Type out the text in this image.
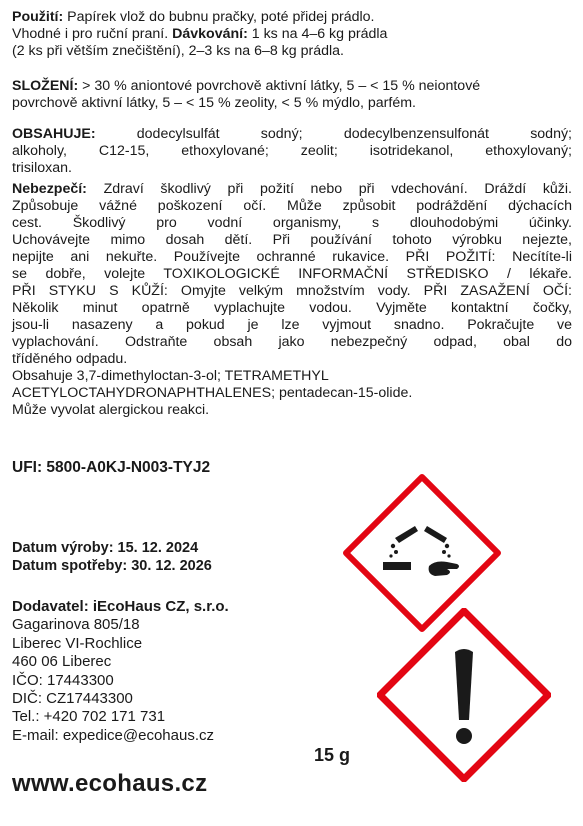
Použití: Papírek vlož do bubnu pračky, poté přidej prádlo.
Vhodné i pro ruční praní. Dávkování: 1 ks na 4–6 kg prádla
(2 ks při větším znečištění), 2–3 ks na 6–8 kg prádla.
SLOŽENÍ: > 30 % aniontové povrchově aktivní látky, 5 – < 15 % neiontové
povrchově aktivní látky, 5 – < 15 % zeolity, < 5 % mýdlo, parfém.
OBSAHUJE: dodecylsulfát sodný; dodecylbenzensulfonát sodný;
alkoholy, C12-15, ethoxylované; zeolit; isotridekanol, ethoxylovaný;
trisiloxan.
Nebezpečí: Zdraví škodlivý při požití nebo při vdechování. Dráždí kůži.
Způsobuje vážné poškození očí. Může způsobit podráždění dýchacích
cest. Škodlivý pro vodní organismy, s dlouhodobými účinky.
Uchovávejte mimo dosah dětí. Při používání tohoto výrobku nejezte,
nepijte ani nekuřte. Používejte ochranné rukavice. PŘI POŽITÍ: Necítíte-li
se dobře, volejte TOXIKOLOGICKÉ INFORMAČNÍ STŘEDISKO / lékaře.
PŘI STYKU S KŮŽÍ: Omyjte velkým množstvím vody. PŘI ZASAŽENÍ OČÍ:
Několik minut opatrně vyplachujte vodou. Vyjměte kontaktní čočky,
jsou-li nasazeny a pokud je lze vyjmout snadno. Pokračujte ve
vyplachování. Odstraňte obsah jako nebezpečný odpad, obal do
tříděného odpadu.
Obsahuje 3,7-dimethyloctan-3-ol; TETRAMETHYL
ACETYLOCTAHYDRONAPHTHALENES; pentadecan-15-olide.
Může vyvolat alergickou reakci.
UFI: 5800-A0KJ-N003-TYJ2
Datum výroby: 15. 12. 2024
Datum spotřeby: 30. 12. 2026
Dodavatel: iEcoHaus CZ, s.r.o.
Gagarinova 805/18
Liberec VI-Rochlice
460 06 Liberec
IČO: 17443300
DIČ: CZ17443300
Tel.: +420 702 171 731
E-mail: expedice@ecohaus.cz
15 g
www.ecohaus.cz
